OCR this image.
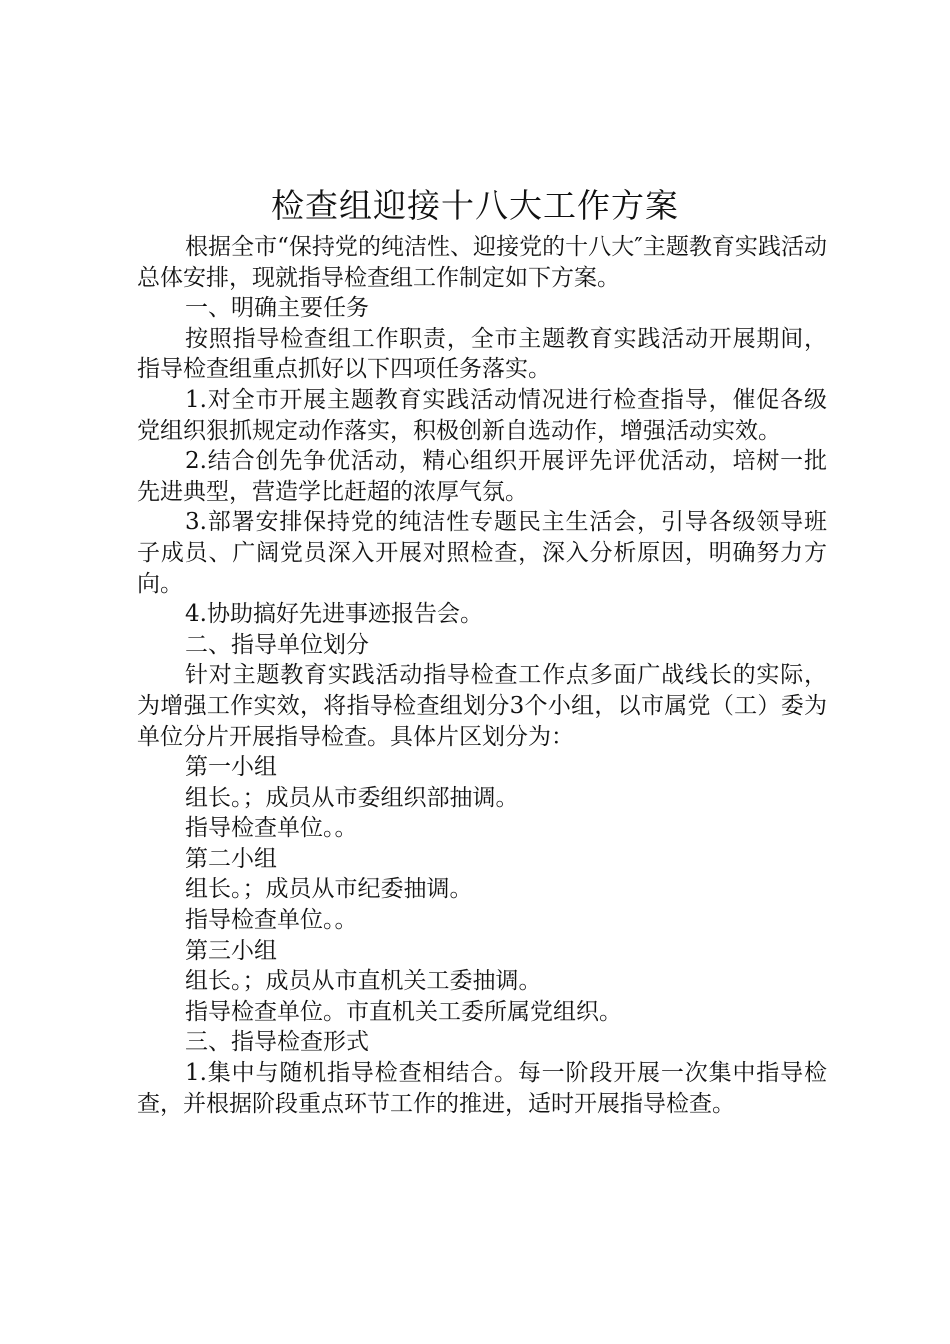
检查组迎接十八大工作方案

根据全市“保持党的纯洁性、迎接党的十八大″主题教育实践活动总体安排，现就指导检查组工作制定如下方案。

一、明确主要任务

按照指导检查组工作职责，全市主题教育实践活动开展期间，指导检查组重点抓好以下四项任务落实。

1.对全市开展主题教育实践活动情况进行检查指导，催促各级党组织狠抓规定动作落实，积极创新自选动作，增强活动实效。

2.结合创先争优活动，精心组织开展评先评优活动，培树一批先进典型，营造学比赶超的浓厚气氛。

3.部署安排保持党的纯洁性专题民主生活会，引导各级领导班子成员、广阔党员深入开展对照检查，深入分析原因，明确努力方向。

4.协助搞好先进事迹报告会。

二、指导单位划分

针对主题教育实践活动指导检查工作点多面广战线长的实际，为增强工作实效，将指导检查组划分3个小组，以市属党（工）委为单位分片开展指导检查。具体片区划分为：

第一小组

组长。；成员从市委组织部抽调。

指导检查单位。。

第二小组

组长。；成员从市纪委抽调。

指导检查单位。。

第三小组

组长。；成员从市直机关工委抽调。

指导检查单位。市直机关工委所属党组织。

三、指导检查形式

1.集中与随机指导检查相结合。每一阶段开展一次集中指导检查，并根据阶段重点环节工作的推进，适时开展指导检查。
